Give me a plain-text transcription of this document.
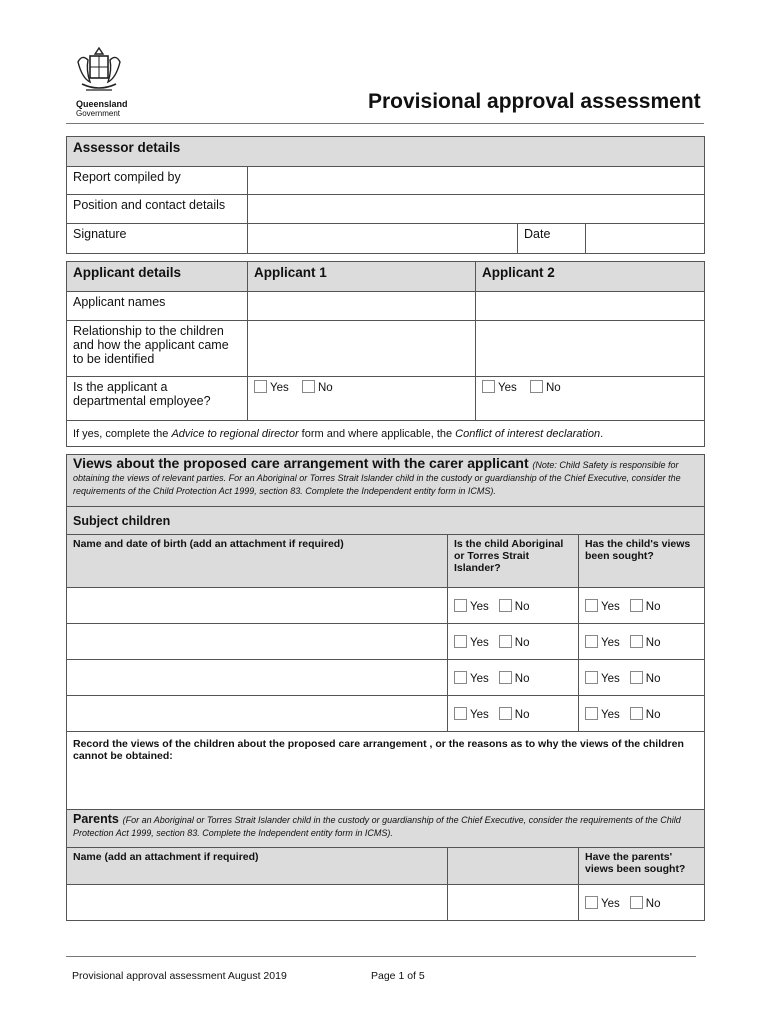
Queensland
Government
Provisional approval assessment
Assessor details			
Report compiled by			
Position and contact details			
Signature		Date	
Applicant details	Applicant 1	Applicant 2
Applicant names		
Relationship to the children and how the applicant came to be identified		
Is the applicant a departmental employee?	Yes No	Yes No
If yes, complete the Advice to regional director form and where applicable, the Conflict of interest declaration.		
Views about the proposed care arrangement with the carer applicant (Note: Child Safety is responsible for obtaining the views of relevant parties. For an Aboriginal or Torres Strait Islander child in the custody or guardianship of the Chief Executive, consider the requirements of the Child Protection Act 1999, section 83. Complete the Independent entity form in ICMS).		
Subject children		
Name and date of birth (add an attachment if required)	Is the child Aboriginal or Torres Strait Islander?	Has the child's views been sought?
	Yes No	Yes No
	Yes No	Yes No
	Yes No	Yes No
	Yes No	Yes No
Record the views of the children about the proposed care arrangement , or the reasons as to why the views of the children cannot be obtained:		
Parents (For an Aboriginal or Torres Strait Islander child in the custody or guardianship of the Chief Executive, consider the requirements of the Child Protection Act 1999, section 83. Complete the Independent entity form in ICMS).		
Name (add an attachment if required)		Have the parents' views been sought?
		Yes No
Provisional approval assessment August 2019	Page 1 of 5
